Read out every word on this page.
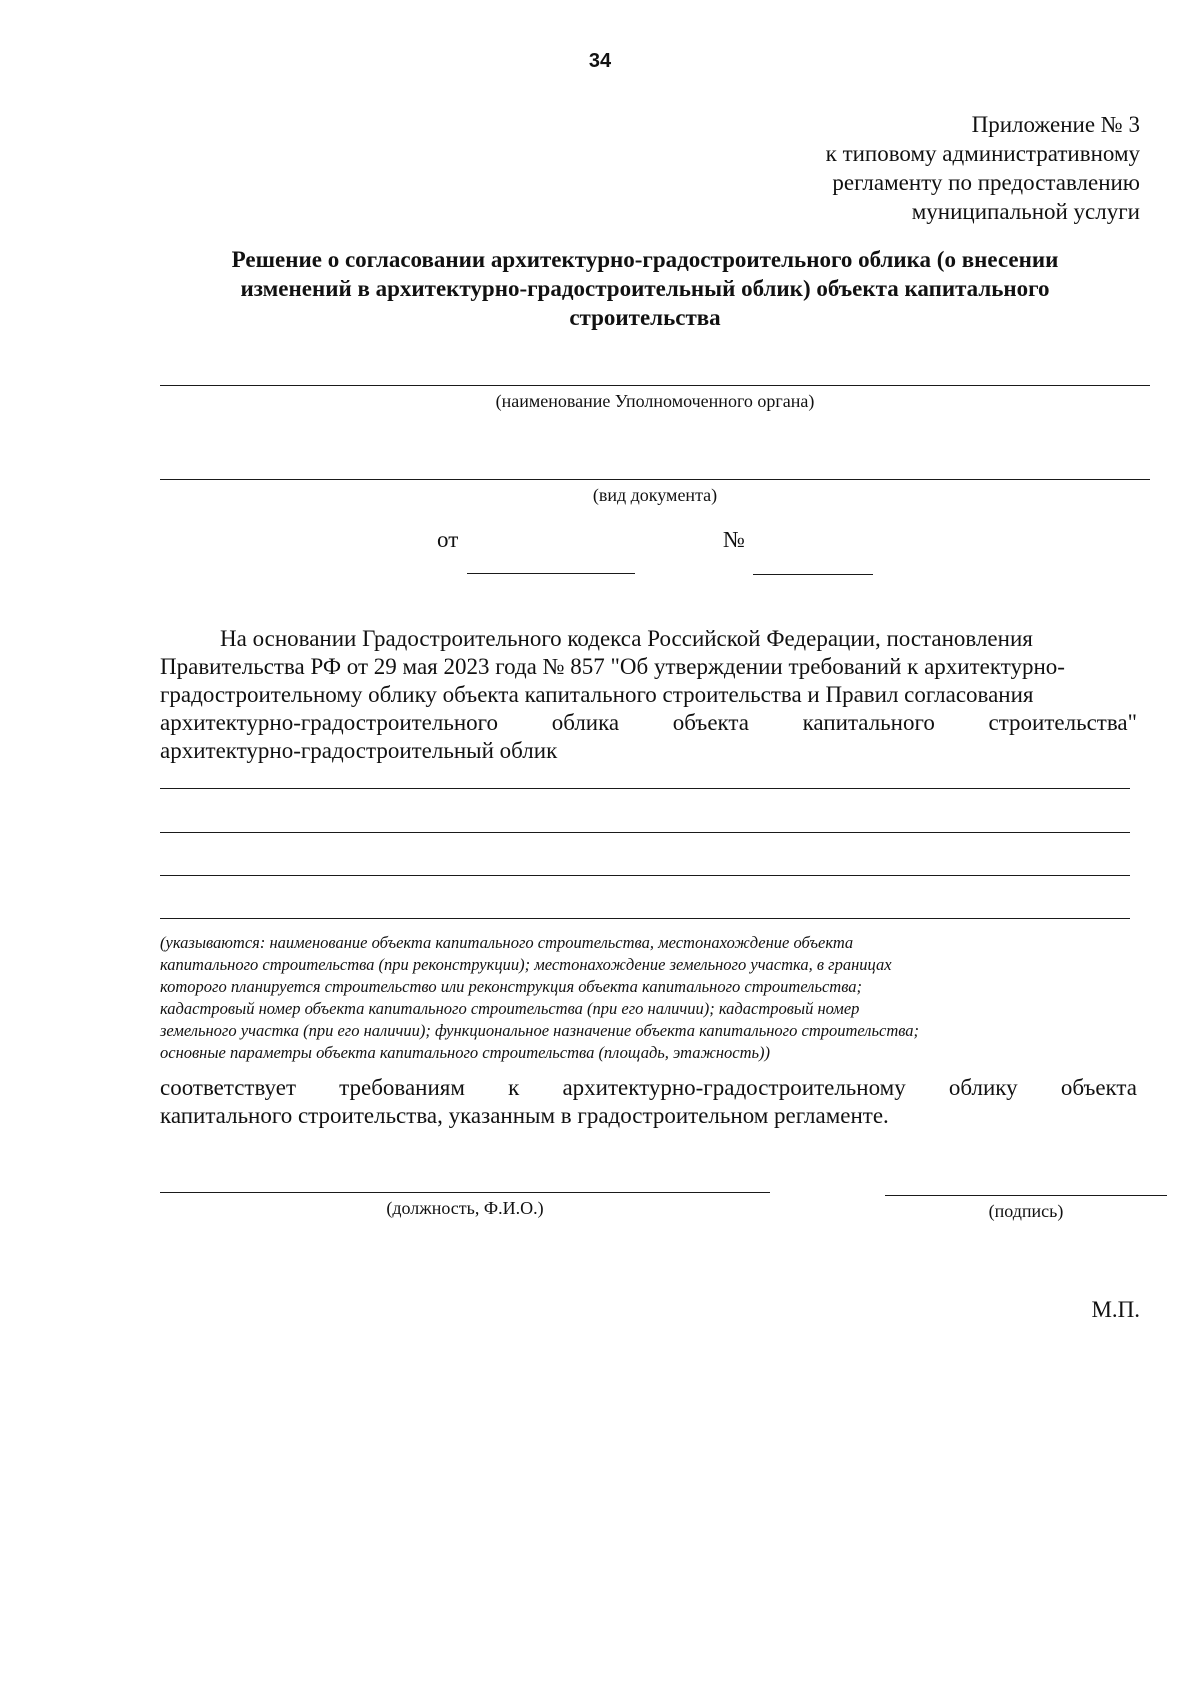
34
Приложение № 3
к типовому административному
регламенту по предоставлению
муниципальной услуги
Решение о согласовании архитектурно-градостроительного облика (о внесении
изменений в архитектурно-градостроительный облик) объекта капитального
строительства
(наименование Уполномоченного органа)
(вид документа)
от	№
На основании Градостроительного кодекса Российской Федерации, постановления
Правительства РФ от 29 мая 2023 года № 857 "Об утверждении требований к архитектурно-
градостроительному облику объекта капитального строительства и Правил согласования
архитектурно-градостроительного облика объекта капитального строительства"
архитектурно-градостроительный облик
(указываются: наименование объекта капитального строительства, местонахождение объекта
капитального строительства (при реконструкции); местонахождение земельного участка, в границах
которого планируется строительство или реконструкция объекта капитального строительства;
кадастровый номер объекта капитального строительства (при его наличии); кадастровый номер
земельного участка (при его наличии); функциональное назначение объекта капитального строительства;
основные параметры объекта капитального строительства (площадь, этажность))
соответствует требованиям к архитектурно-градостроительному облику объекта
капитального строительства, указанным в градостроительном регламенте.
(должность, Ф.И.О.)	(подпись)
М.П.
